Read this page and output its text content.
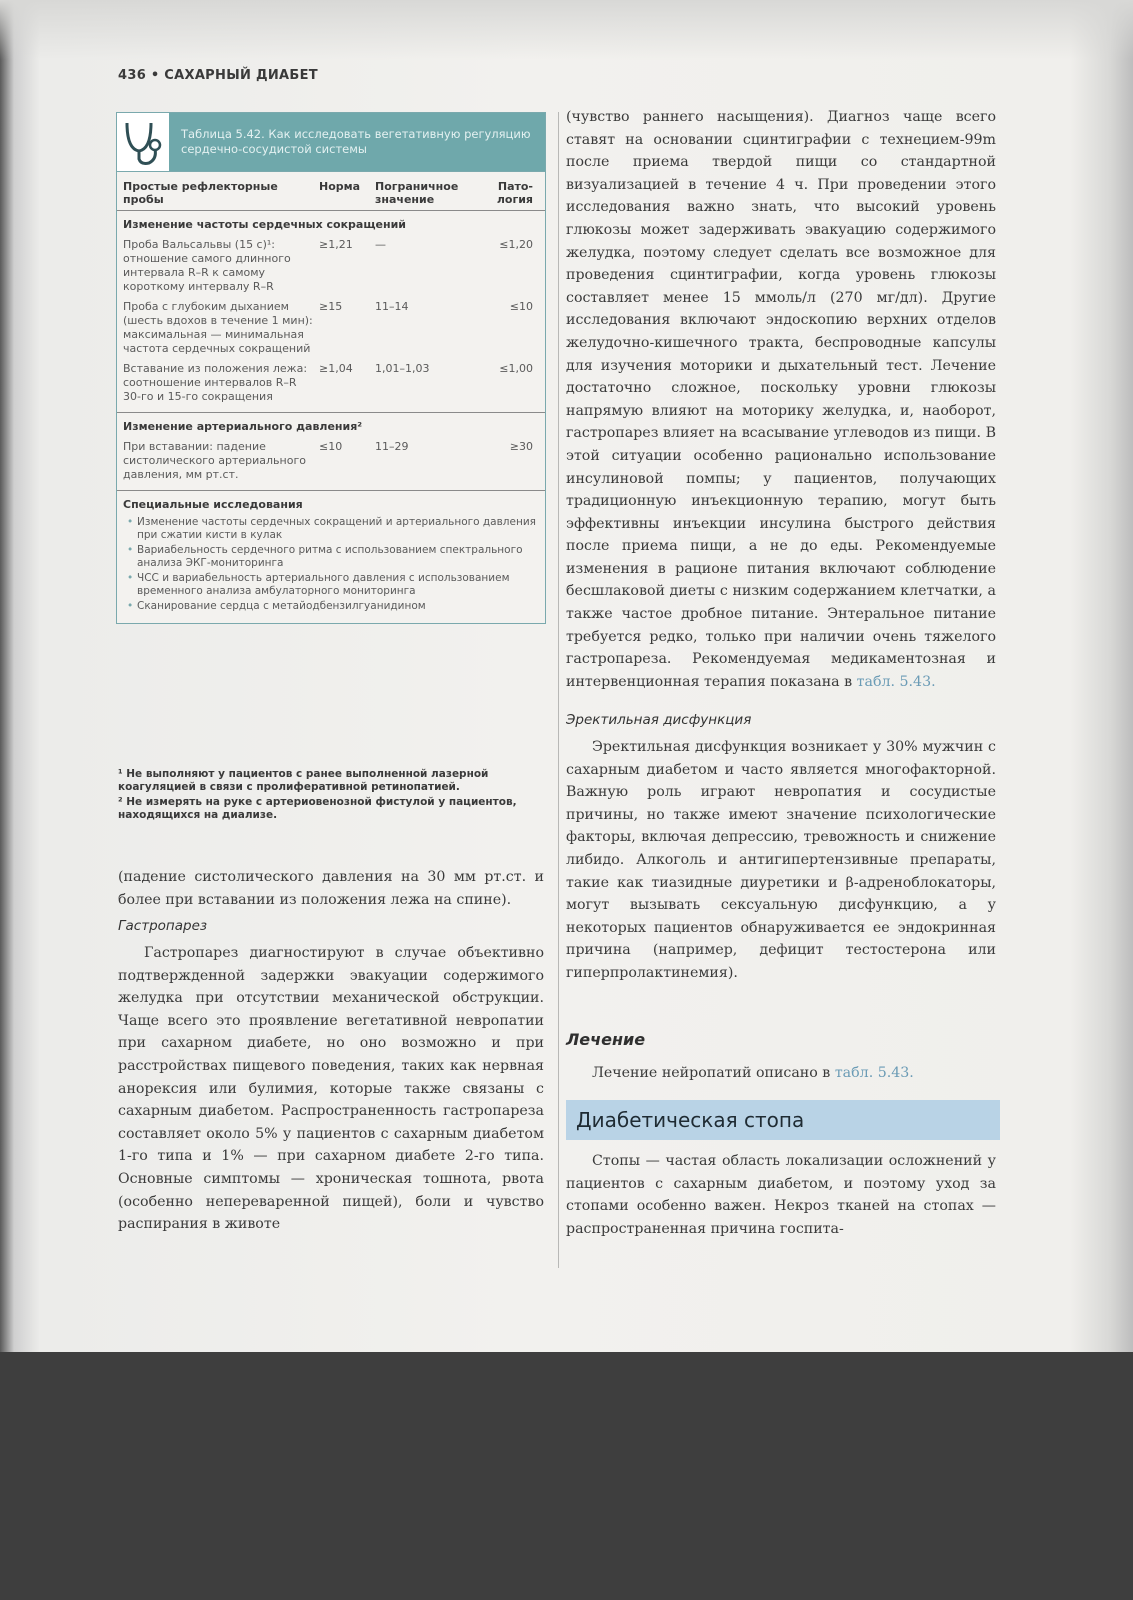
436 • САХАРНЫЙ ДИАБЕТ
Таблица 5.42. Как исследовать вегетативную регуляцию сердечно-сосудистой системы
Простые рефлекторные пробы
Норма	Пограничное значение
Пато-логия
Изменение частоты сердечных сокращений
Проба Вальсальвы (15 с)¹: отношение самого длинного интервала R–R к самому короткому интервалу R–R
≥1,21	—	≤1,20
Проба с глубоким дыханием (шесть вдохов в течение 1 мин): максимальная — минимальная частота сердечных сокращений
≥15	11–14	≤10
Вставание из положения лежа: соотношение интервалов R–R 30-го и 15-го сокращения
≥1,04	1,01–1,03	≤1,00
Изменение артериального давления²
При вставании: падение систолического артериального давления, мм рт.ст.
≤10	11–29	≥30
Специальные исследования
• Изменение частоты сердечных сокращений и артериального давления при сжатии кисти в кулак
• Вариабельность сердечного ритма с использованием спектрального анализа ЭКГ-мониторинга
• ЧСС и вариабельность артериального давления с использованием временного анализа амбулаторного мониторинга
• Сканирование сердца с метайодбензилгуанидином

¹ Не выполняют у пациентов с ранее выполненной лазерной коагуляцией в связи с пролиферативной ретинопатией.

² Не измерять на руке с артериовенозной фистулой у пациентов, находящихся на диализе.

(падение систолического давления на 30 мм рт.ст. и более при вставании из положения лежа на спине).

Гастропарез

Гастропарез диагностируют в случае объективно подтвержденной задержки эвакуации содержимого желудка при отсутствии механической обструкции. Чаще всего это проявление вегетативной невропатии при сахарном диабете, но оно возможно и при расстройствах пищевого поведения, таких как нервная анорексия или булимия, которые также связаны с сахарным диабетом. Распространенность гастропареза составляет около 5% у пациентов с сахарным диабетом 1-го типа и 1% — при сахарном диабете 2-го типа. Основные симптомы — хроническая тошнота, рвота (особенно непереваренной пищей), боли и чувство распирания в животе

(чувство раннего насыщения). Диагноз чаще всего ставят на основании сцинтиграфии с технецием-99m после приема твердой пищи со стандартной визуализацией в течение 4 ч. При проведении этого исследования важно знать, что высокий уровень глюкозы может задерживать эвакуацию содержимого желудка, поэтому следует сделать все возможное для проведения сцинтиграфии, когда уровень глюкозы составляет менее 15 ммоль/л (270 мг/дл). Другие исследования включают эндоскопию верхних отделов желудочно-кишечного тракта, беспроводные капсулы для изучения моторики и дыхательный тест. Лечение достаточно сложное, поскольку уровни глюкозы напрямую влияют на моторику желудка, и, наоборот, гастропарез влияет на всасывание углеводов из пищи. В этой ситуации особенно рационально использование инсулиновой помпы; у пациентов, получающих традиционную инъекционную терапию, могут быть эффективны инъекции инсулина быстрого действия после приема пищи, а не до еды. Рекомендуемые изменения в рационе питания включают соблюдение бесшлаковой диеты с низким содержанием клетчатки, а также частое дробное питание. Энтеральное питание требуется редко, только при наличии очень тяжелого гастропареза. Рекомендуемая медикаментозная и интервенционная терапия показана в табл. 5.43.

Эректильная дисфункция

Эректильная дисфункция возникает у 30% мужчин с сахарным диабетом и часто является многофакторной. Важную роль играют невропатия и сосудистые причины, но также имеют значение психологические факторы, включая депрессию, тревожность и снижение либидо. Алкоголь и антигипертензивные препараты, такие как тиазидные диуретики и β-адреноблокаторы, могут вызывать сексуальную дисфункцию, а у некоторых пациентов обнаруживается ее эндокринная причина (например, дефицит тестостерона или гиперпролактинемия).

Лечение

Лечение нейропатий описано в табл. 5.43.

Диабетическая стопа

Стопы — частая область локализации осложнений у пациентов с сахарным диабетом, и поэтому уход за стопами особенно важен. Некроз тканей на стопах — распространенная причина госпита-
